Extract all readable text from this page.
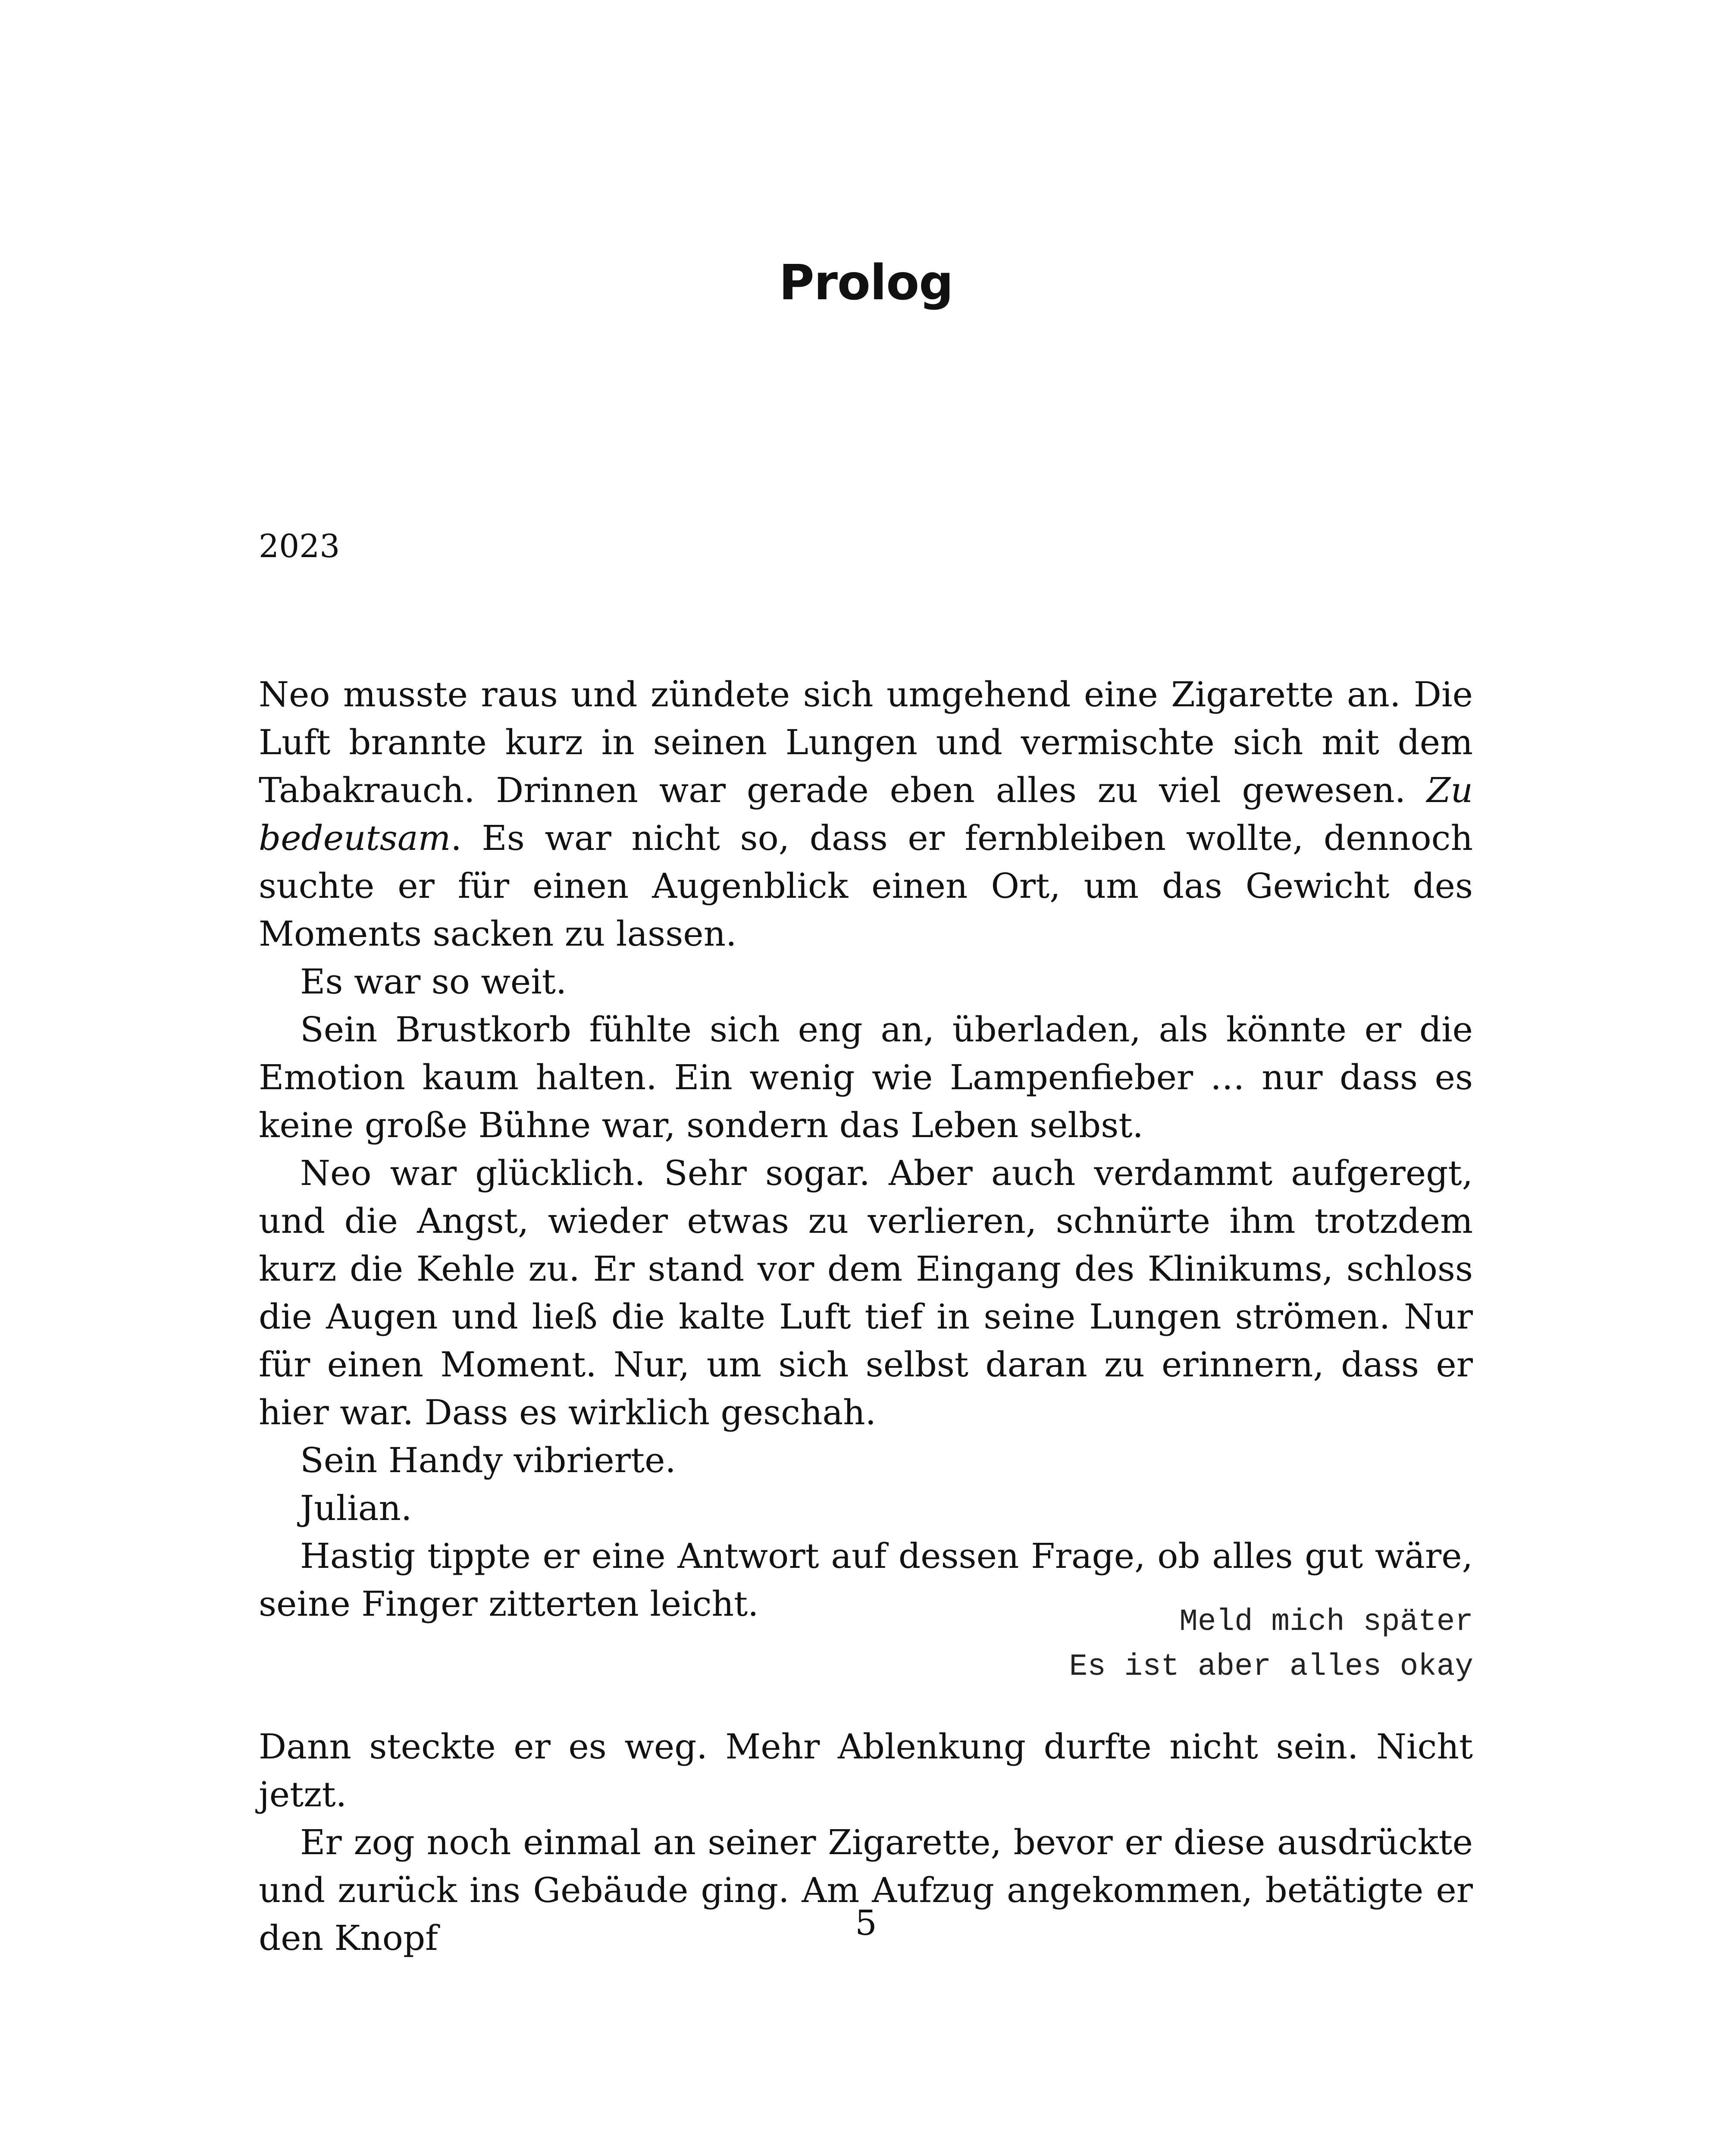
Prolog
2023

Neo musste raus und zündete sich umgehend eine Zigarette an. Die Luft brannte kurz in seinen Lungen und vermischte sich mit dem Tabakrauch. Drinnen war gerade eben alles zu viel gewesen. Zu bedeutsam. Es war nicht so, dass er fernbleiben wollte, dennoch suchte er für einen Augenblick einen Ort, um das Gewicht des Moments sacken zu lassen.

Es war so weit.

Sein Brustkorb fühlte sich eng an, überladen, als könnte er die Emotion kaum halten. Ein wenig wie Lampenfieber … nur dass es keine große Bühne war, sondern das Leben selbst.

Neo war glücklich. Sehr sogar. Aber auch verdammt aufgeregt, und die Angst, wieder etwas zu verlieren, schnürte ihm trotzdem kurz die Kehle zu. Er stand vor dem Eingang des Klinikums, schloss die Augen und ließ die kalte Luft tief in seine Lungen strömen. Nur für einen Moment. Nur, um sich selbst daran zu erinnern, dass er hier war. Dass es wirklich geschah.

Sein Handy vibrierte.

Julian.

Hastig tippte er eine Antwort auf dessen Frage, ob alles gut wäre, seine Finger zitterten leicht.	Meld mich später
Es ist aber alles okay

Dann steckte er es weg. Mehr Ablenkung durfte nicht sein. Nicht jetzt.

Er zog noch einmal an seiner Zigarette, bevor er diese ausdrückte und zurück ins Gebäude ging. Am Aufzug angekommen, betätigte er den Knopf	5
